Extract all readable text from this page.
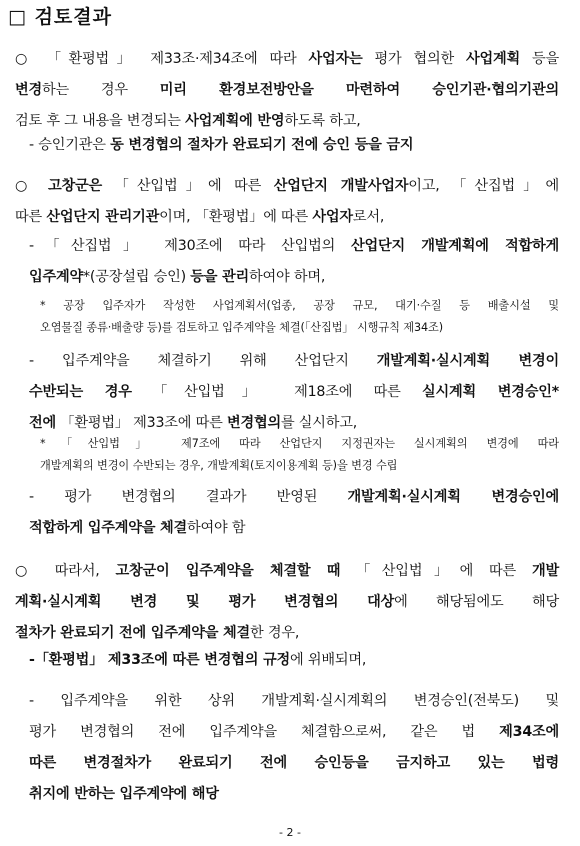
□ 검토결과
○ 「환평법」 제33조·제34조에 따라 사업자는 평가 협의한 사업계획 등을
변경하는 경우 미리 환경보전방안을 마련하여 승인기관·협의기관의
검토 후 그 내용을 변경되는 사업계획에 반영하도록 하고,
- 승인기관은 동 변경협의 절차가 완료되기 전에 승인 등을 금지
○ 고창군은 「산입법」에 따른 산업단지 개발사업자이고, 「산집법」에
따른 산업단지 관리기관이며, 「환평법」에 따른 사업자로서,
-「산집법」 제30조에 따라 산입법의 산업단지 개발계획에 적합하게
입주계약*(공장설립 승인) 등을 관리하여야 하며,
* 공장 입주자가 작성한 사업계획서(업종, 공장 규모, 대기·수질 등 배출시설 및
오염물질 종류·배출량 등)를 검토하고 입주계약을 체결(「산집법」 시행규칙 제34조)
- 입주계약을 체결하기 위해 산업단지 개발계획·실시계획 변경이
수반되는 경우 「산입법」 제18조에 따른 실시계획 변경승인*
전에 「환평법」 제33조에 따른 변경협의를 실시하고,
*「산입법」 제7조에 따라 산업단지 지정권자는 실시계획의 변경에 따라
개발계획의 변경이 수반되는 경우, 개발계획(토지이용계획 등)을 변경 수립
- 평가 변경협의 결과가 반영된 개발계획·실시계획 변경승인에
적합하게 입주계약을 체결하여야 함
○ 따라서, 고창군이 입주계약을 체결할 때 「산입법」에 따른 개발
계획·실시계획 변경 및 평가 변경협의 대상에 해당됨에도 해당
절차가 완료되기 전에 입주계약을 체결한 경우,
-「환평법」 제33조에 따른 변경협의 규정에 위배되며,
- 입주계약을 위한 상위 개발계획·실시계획의 변경승인(전북도) 및
평가 변경협의 전에 입주계약을 체결함으로써, 같은 법 제34조에
따른 변경절차가 완료되기 전에 승인등을 금지하고 있는 법령
취지에 반하는 입주계약에 해당
- 2 -
